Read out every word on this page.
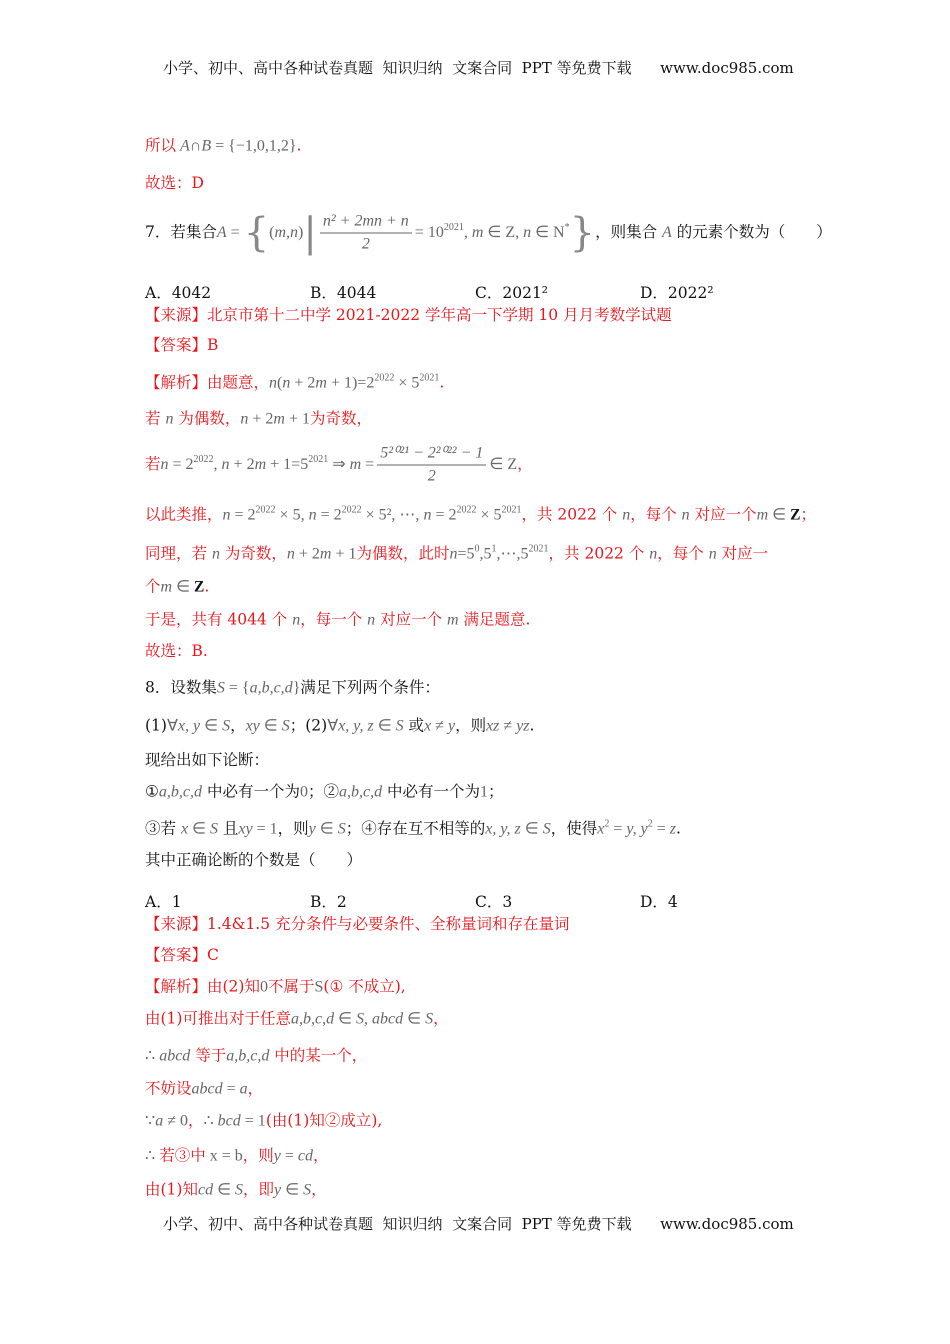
小学、初中、高中各种试卷真题  知识归纳  文案合同  PPT 等免费下载      www.doc985.com
所以 A∩B = {−1,0,1,2}.
故选：D
7．若集合$A = \{(m,n)| \frac{\text{n² + 2mn + n}}{2} = 10^{2021}$, m ∈ Z, n ∈ N*}，则集合 A 的元素个数为（　　）
A．4042	B．4044	C．2021²	D．2022²
【来源】北京市第十二中学 2021-2022 学年高一下学期 10 月月考数学试题
【答案】B
【解析】由题意，$n(n + 2m + 1)=2^{2022} \times 5^{2021}$.
若 n 为偶数，n + 2m + 1为奇数，
若$n = 2^{2022}$, $n + 2m + 1=5^{2021}$ ⇒ $m = \frac{\text{5²⁰²¹ − 2²⁰²² − 1}}{2}$ ∈ Z，
以此类推，$n = 2^{2022} \times 5$, $n = 2^{2022} \times 5^2$, ⋯, $n = 2^{2022} \times 5^{2021}$，共 2022 个 n，每个 n 对应一个m ∈ Z；
同理，若 n 为奇数，n + 2m + 1为偶数，此时$n=5^0,5^1,\cdots,5^{2021}$，共 2022 个 n，每个 n 对应一
个m ∈ Z.
于是，共有 4044 个 n，每一个 n 对应一个 m 满足题意.
故选：B.
8．设数集S = {a,b,c,d}满足下列两个条件：
(1)∀x, y ∈ S，xy ∈ S；(2)∀x, y, z ∈ S 或x ≠ y，则xz ≠ yz.
现给出如下论断：
①a,b,c,d 中必有一个为0；②a,b,c,d 中必有一个为1；
③若 x ∈ S 且xy = 1，则y ∈ S；④存在互不相等的x, y, z ∈ S，使得$x^2 = y$, $y^2 = z$.
其中正确论断的个数是（　　）
A．1	B．2	C．3	D．4
【来源】1.4&1.5 充分条件与必要条件、全称量词和存在量词
【答案】C
【解析】由(2)知0不属于S(① 不成立),
由(1)可推出对于任意a,b,c,d ∈ S, abcd ∈ S，
∴ abcd 等于a,b,c,d 中的某一个，
不妨设abcd = a，
∵a ≠ 0，∴ bcd = 1(由(1)知②成立),
∴ 若③中 x = b，则y = cd，
由(1)知cd ∈ S，即y ∈ S，
小学、初中、高中各种试卷真题  知识归纳  文案合同  PPT 等免费下载      www.doc985.com
